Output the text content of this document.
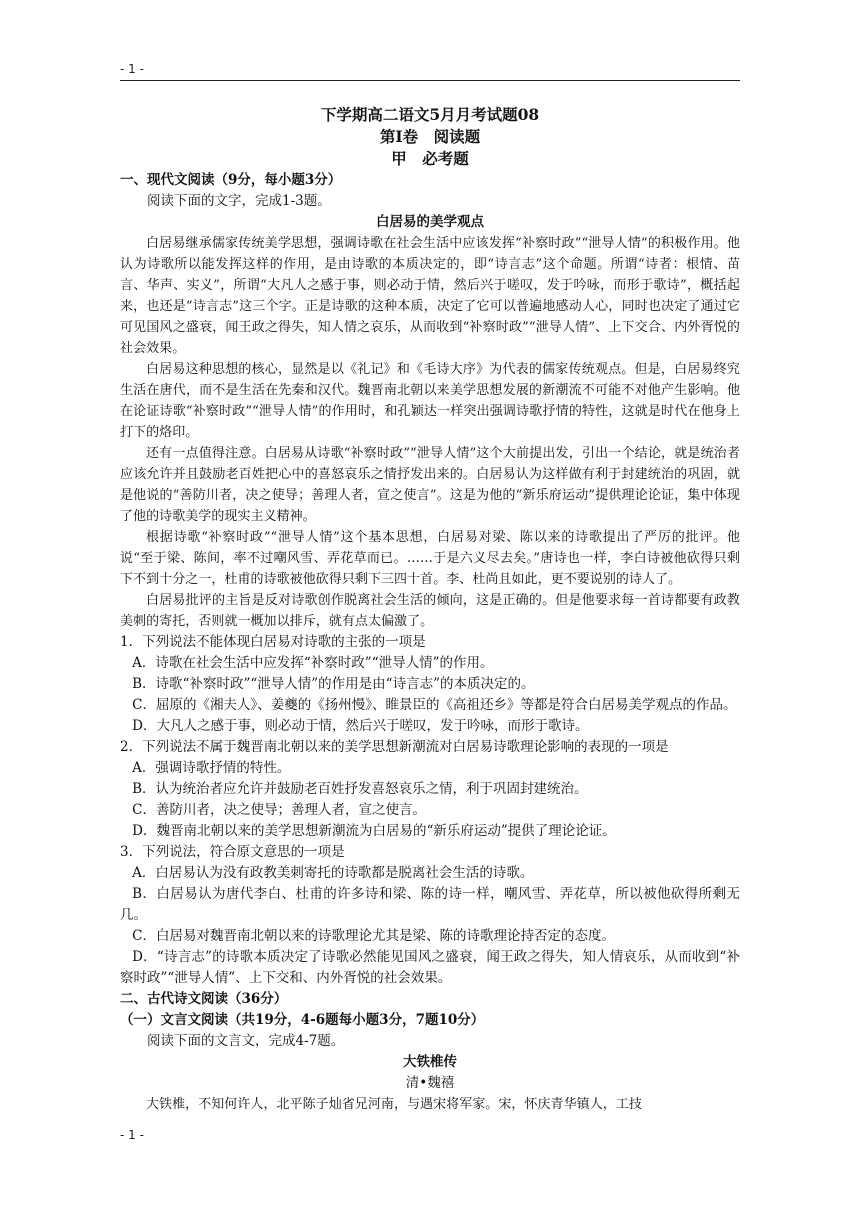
- 1 -

下学期高二语文5月月考试题08

第Ⅰ卷　阅读题

甲　必考题

一、现代文阅读（9分，每小题3分）

阅读下面的文字，完成1-3题。

白居易的美学观点

白居易继承儒家传统美学思想，强调诗歌在社会生活中应该发挥“补察时政”“泄导人情”的积极作用。他认为诗歌所以能发挥这样的作用，是由诗歌的本质决定的，即“诗言志”这个命题。所谓“诗者：根情、苗言、华声、实义”，所谓“大凡人之感于事，则必动于情，然后兴于嗟叹，发于吟咏，而形于歌诗”，概括起来，也还是“诗言志”这三个字。正是诗歌的这种本质，决定了它可以普遍地感动人心，同时也决定了通过它可见国风之盛衰，闻王政之得失，知人情之哀乐，从而收到“补察时政”“泄导人情”、上下交合、内外胥悦的社会效果。

白居易这种思想的核心，显然是以《礼记》和《毛诗大序》为代表的儒家传统观点。但是，白居易终究生活在唐代，而不是生活在先秦和汉代。魏晋南北朝以来美学思想发展的新潮流不可能不对他产生影响。他在论证诗歌“补察时政”“泄导人情”的作用时，和孔颖达一样突出强调诗歌抒情的特性，这就是时代在他身上打下的烙印。

还有一点值得注意。白居易从诗歌“补察时政”“泄导人情”这个大前提出发，引出一个结论，就是统治者应该允许并且鼓励老百姓把心中的喜怒哀乐之情抒发出来的。白居易认为这样做有利于封建统治的巩固，就是他说的“善防川者，决之使导；善理人者，宣之使言”。这是为他的“新乐府运动”提供理论论证，集中体现了他的诗歌美学的现实主义精神。

根据诗歌“补察时政”“泄导人情”这个基本思想，白居易对梁、陈以来的诗歌提出了严厉的批评。他说“至于梁、陈间，率不过嘲风雪、弄花草而已。……于是六义尽去矣。”唐诗也一样，李白诗被他砍得只剩下不到十分之一，杜甫的诗歌被他砍得只剩下三四十首。李、杜尚且如此，更不要说别的诗人了。

白居易批评的主旨是反对诗歌创作脱离社会生活的倾向，这是正确的。但是他要求每一首诗都要有政教美刺的寄托，否则就一概加以排斥，就有点太偏激了。

1．下列说法不能体现白居易对诗歌的主张的一项是

A．诗歌在社会生活中应发挥“补察时政”“泄导人情”的作用。

B．诗歌“补察时政”“泄导人情”的作用是由“诗言志”的本质决定的。

C．屈原的《湘夫人》、姜夔的《扬州慢》、睢景臣的《高祖还乡》等都是符合白居易美学观点的作品。

D．大凡人之感于事，则必动于情，然后兴于嗟叹，发于吟咏，而形于歌诗。

2．下列说法不属于魏晋南北朝以来的美学思想新潮流对白居易诗歌理论影响的表现的一项是

A．强调诗歌抒情的特性。

B．认为统治者应允许并鼓励老百姓抒发喜怒哀乐之情，利于巩固封建统治。

C．善防川者，决之使导；善理人者，宣之使言。

D．魏晋南北朝以来的美学思想新潮流为白居易的“新乐府运动”提供了理论论证。

3．下列说法，符合原文意思的一项是

A．白居易认为没有政教美刺寄托的诗歌都是脱离社会生活的诗歌。

B．白居易认为唐代李白、杜甫的许多诗和梁、陈的诗一样，嘲风雪、弄花草，所以被他砍得所剩无几。

C．白居易对魏晋南北朝以来的诗歌理论尤其是梁、陈的诗歌理论持否定的态度。

D．“诗言志”的诗歌本质决定了诗歌必然能见国风之盛衰，闻王政之得失，知人情哀乐，从而收到“补察时政”“泄导人情”、上下交和、内外胥悦的社会效果。

二、古代诗文阅读（36分）

（一）文言文阅读（共19分，4-6题每小题3分，7题10分）

阅读下面的文言文，完成4-7题。

大铁椎传

清•魏禧

大铁椎，不知何许人，北平陈子灿省兄河南，与遇宋将军家。宋，怀庆青华镇人，工技

- 1 -
